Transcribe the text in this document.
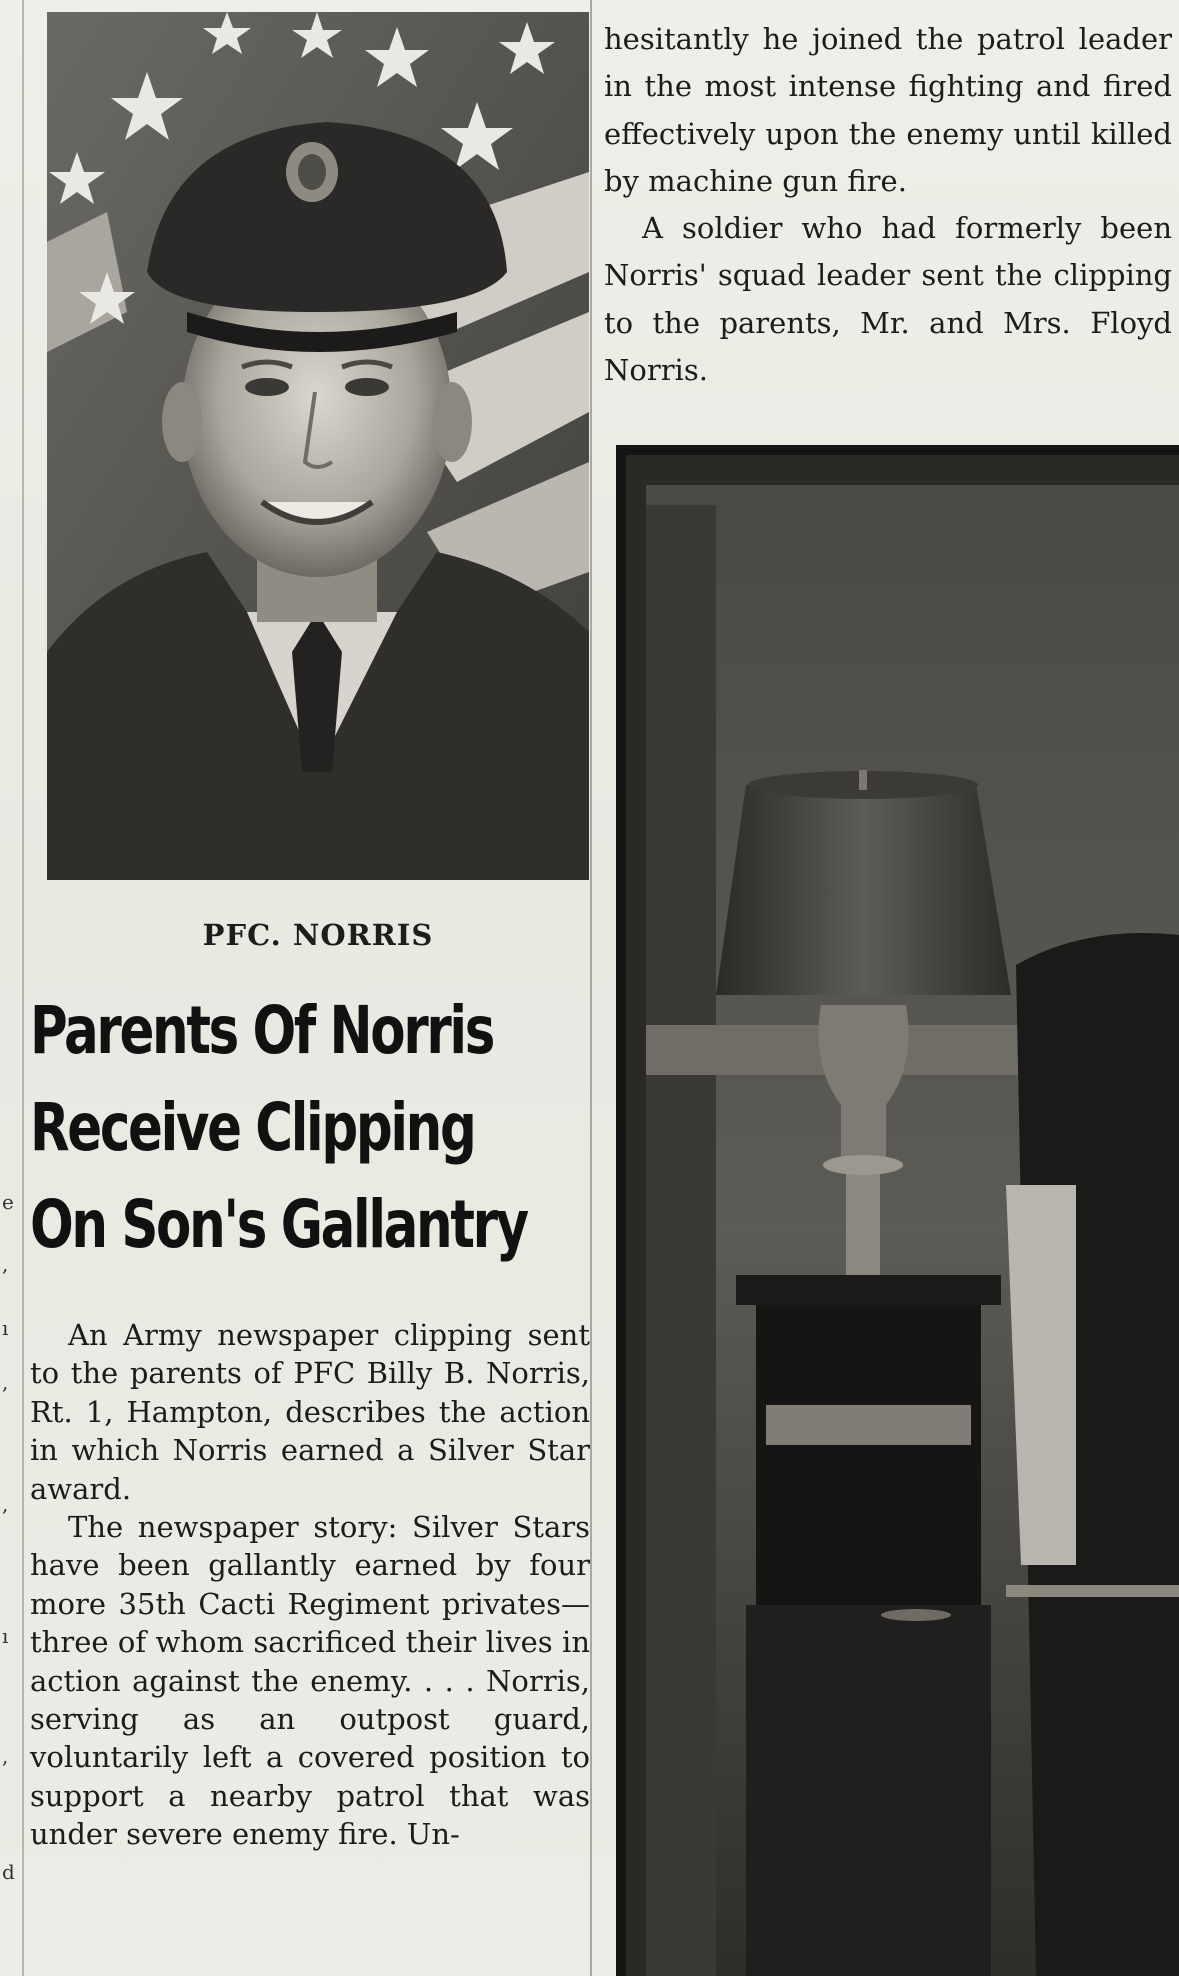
e
,
ı
,
,
ı
,
d
PFC. NORRIS
Parents Of Norris
Receive Clipping
On Son's Gallantry

An Army newspaper clipping sent to the parents of PFC Billy B. Norris, Rt. 1, Hampton, describes the action in which Norris earned a Silver Star award.

The newspaper story: Silver Stars have been gallantly earned by four more 35th Cacti Regiment privates—three of whom sacrificed their lives in action against the enemy. . . . Norris, serving as an outpost guard, voluntarily left a covered position to support a nearby patrol that was under severe enemy fire. Un-

hesitantly he joined the patrol leader in the most intense fighting and fired effectively upon the enemy until killed by machine gun fire.

A soldier who had formerly been Norris' squad leader sent the clipping to the parents, Mr. and Mrs. Floyd Norris.
